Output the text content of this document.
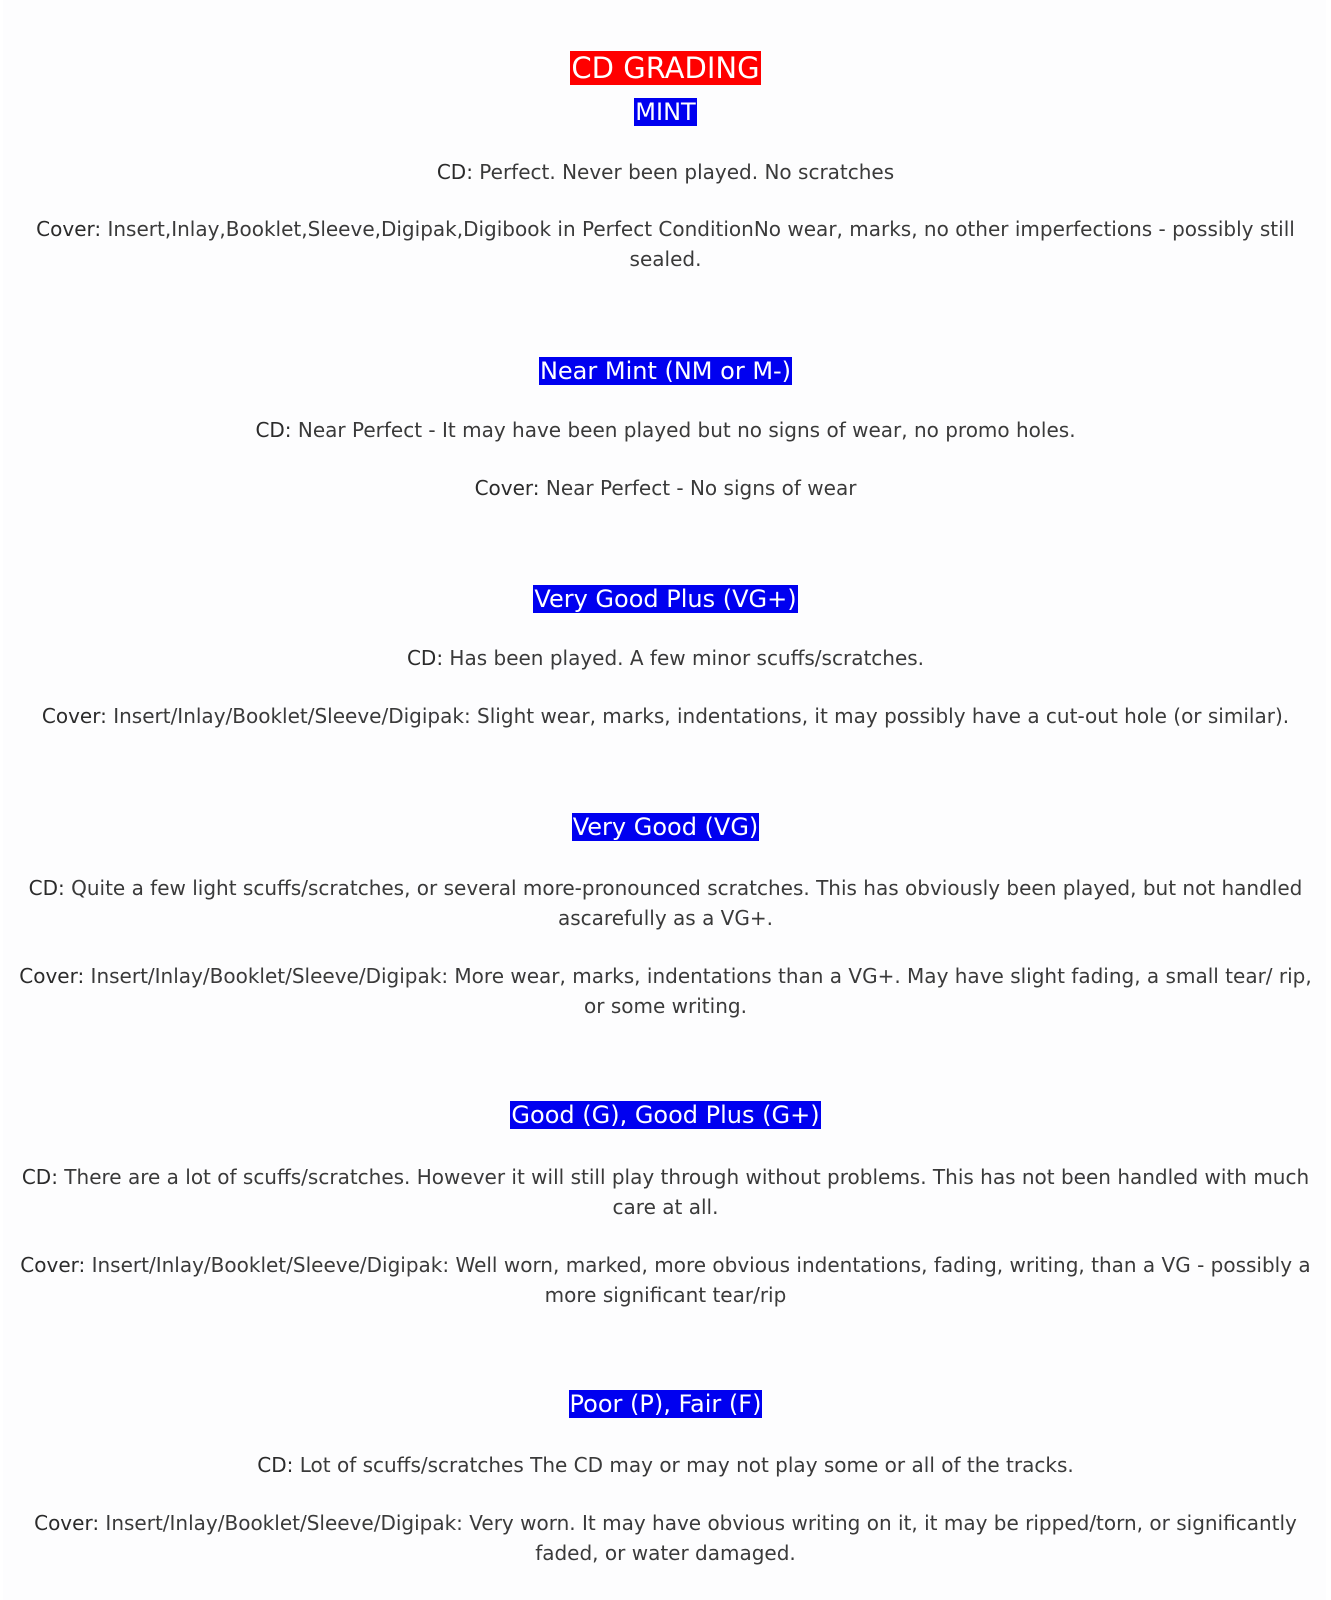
CD GRADING
MINT

CD: Perfect. Never been played. No scratches

Cover: Insert,Inlay,Booklet,Sleeve,Digipak,Digibook in Perfect ConditionNo wear, marks, no other imperfections - possibly still sealed.

Near Mint (NM or M-)

CD: Near Perfect - It may have been played but no signs of wear, no promo holes.

Cover: Near Perfect - No signs of wear

Very Good Plus (VG+)

CD: Has been played. A few minor scuffs/scratches.

Cover: Insert/Inlay/Booklet/Sleeve/Digipak: Slight wear, marks, indentations, it may possibly have a cut-out hole (or similar).

Very Good (VG)

CD: Quite a few light scuffs/scratches, or several more-pronounced scratches. This has obviously been played, but not handled ascarefully as a VG+.

Cover: Insert/Inlay/Booklet/Sleeve/Digipak: More wear, marks, indentations than a VG+. May have slight fading, a small tear/ rip, or some writing.

Good (G), Good Plus (G+)

CD: There are a lot of scuffs/scratches. However it will still play through without problems. This has not been handled with much care at all.

Cover: Insert/Inlay/Booklet/Sleeve/Digipak: Well worn, marked, more obvious indentations, fading, writing, than a VG - possibly a more significant tear/rip

Poor (P), Fair (F)

CD: Lot of scuffs/scratches The CD may or may not play some or all of the tracks.

Cover: Insert/Inlay/Booklet/Sleeve/Digipak: Very worn. It may have obvious writing on it, it may be ripped/torn, or significantly faded, or water damaged.
